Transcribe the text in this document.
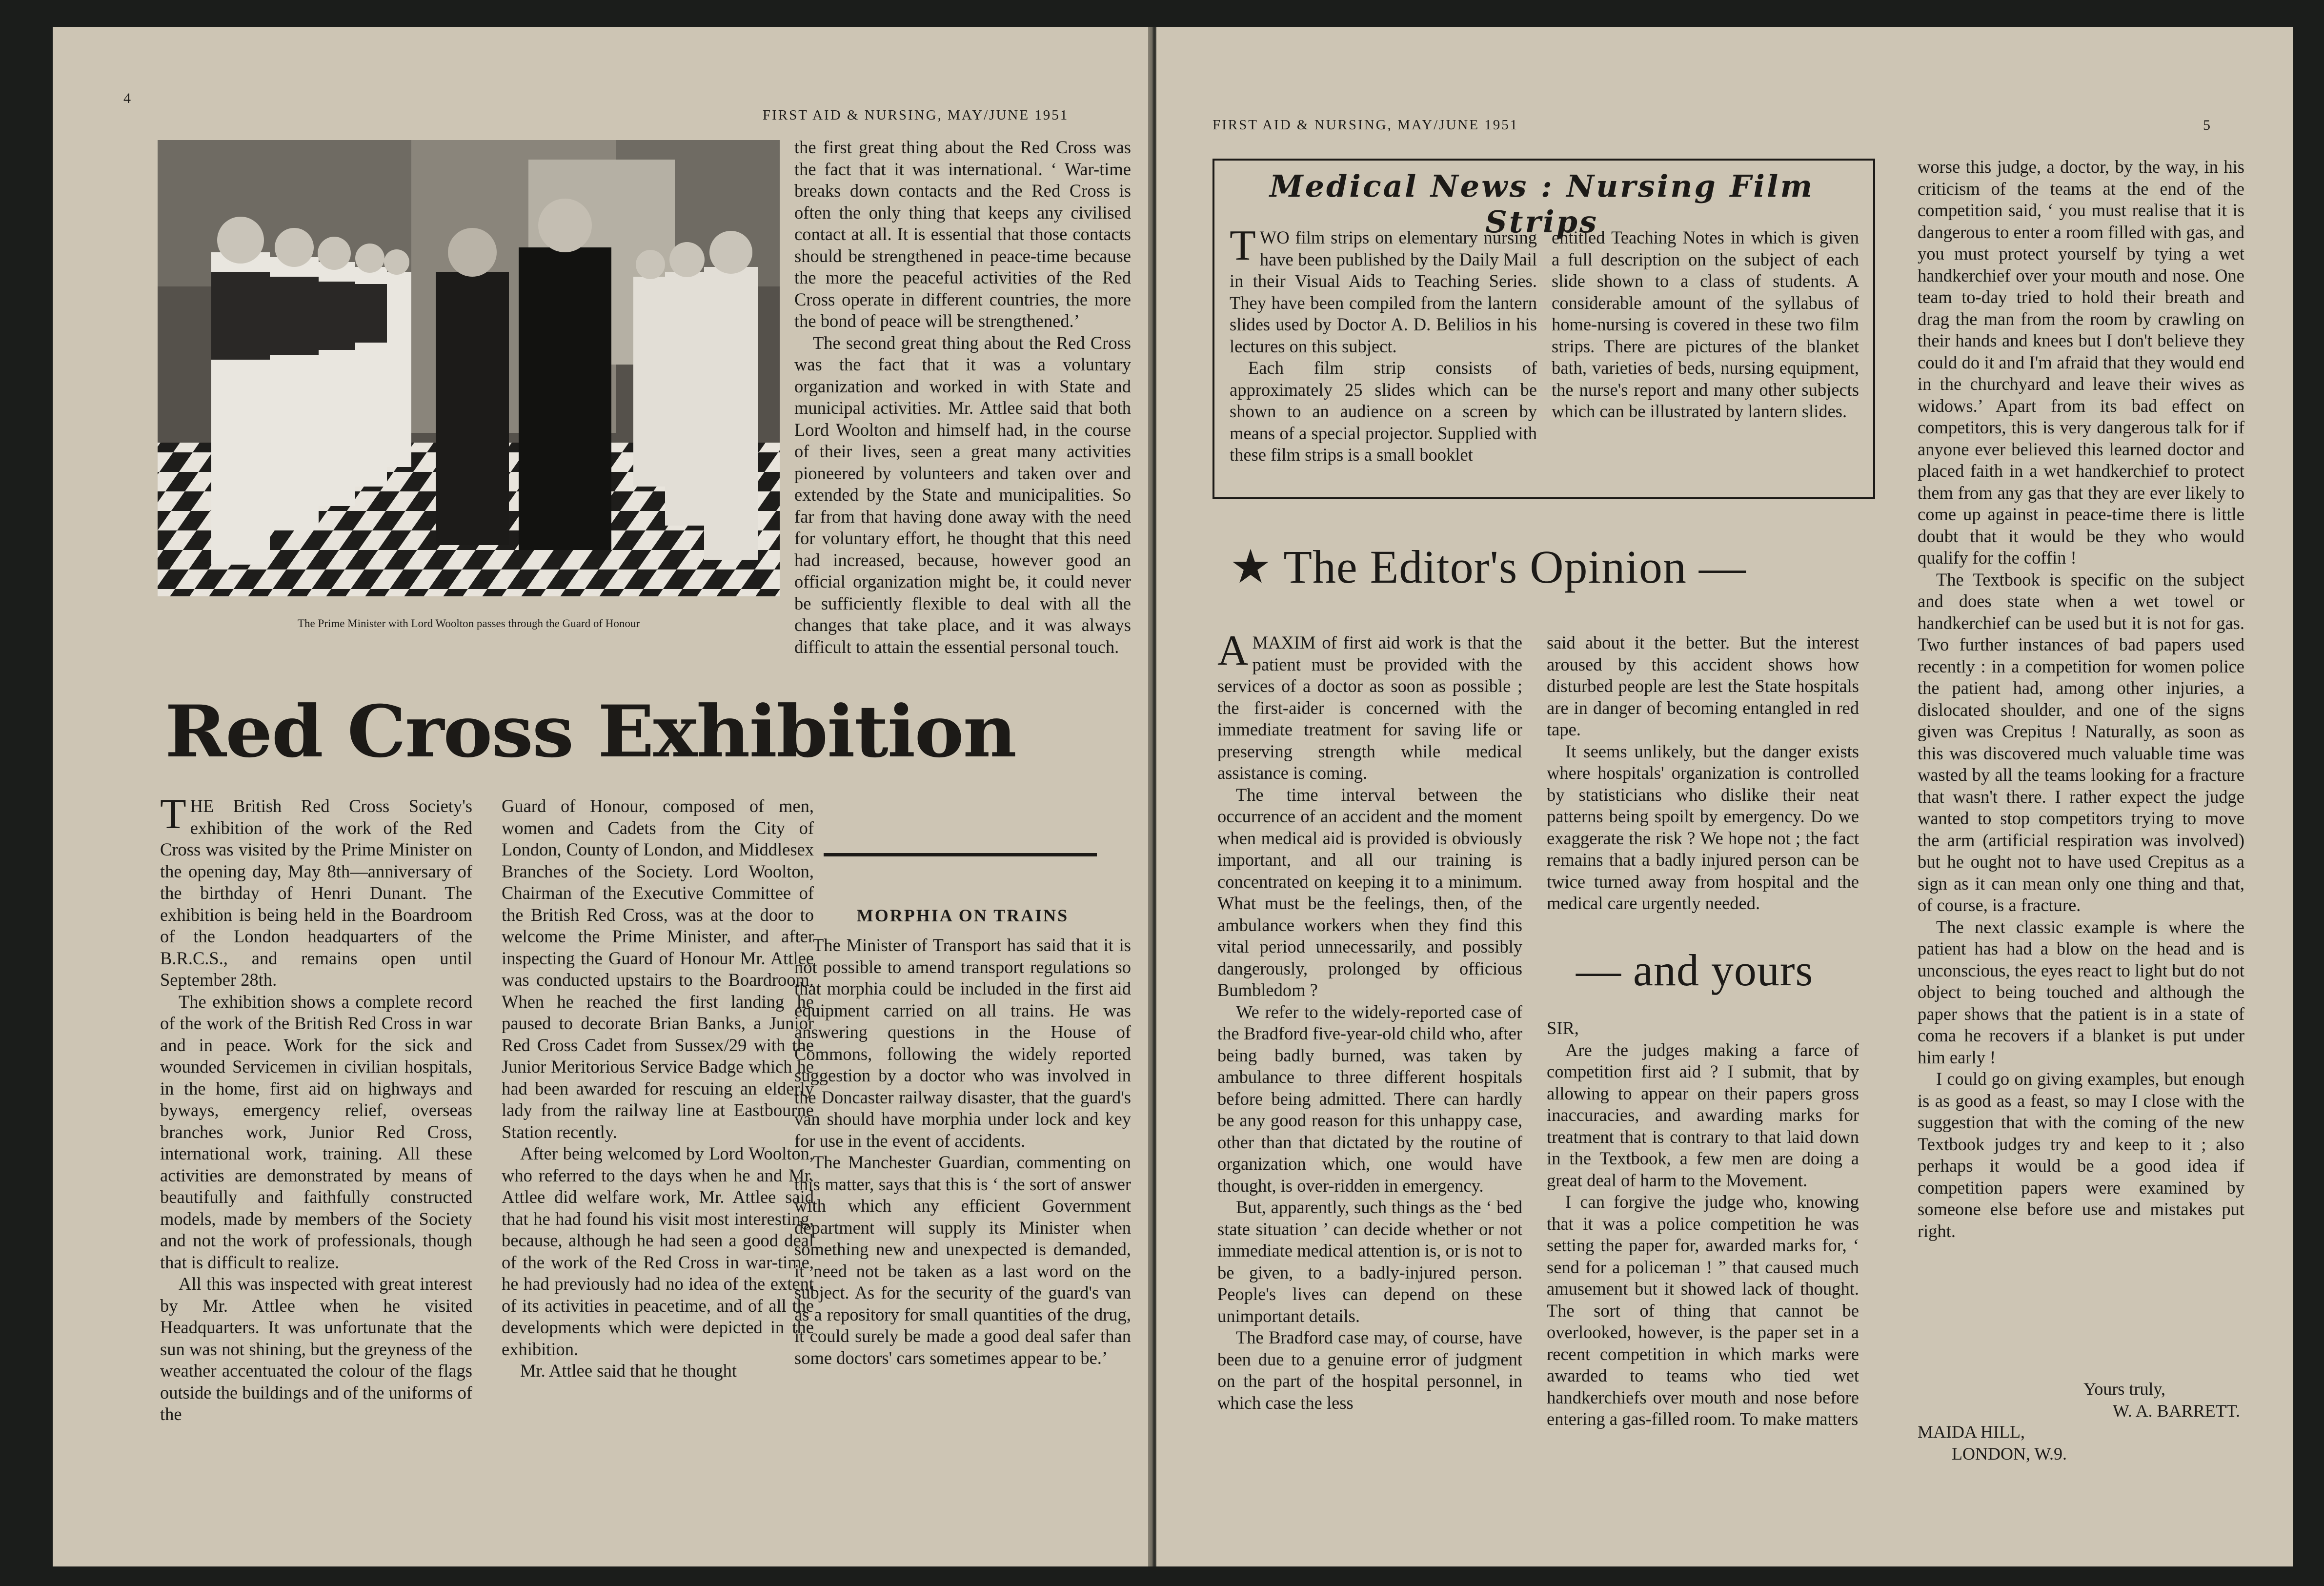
4
FIRST AID & NURSING, MAY/JUNE 1951
The Prime Minister with Lord Woolton passes through the Guard of Honour
Red Cross Exhibition

THE British Red Cross Society's exhibition of the work of the Red Cross was visited by the Prime Minister on the opening day, May 8th—anniversary of the birthday of Henri Dunant. The exhibition is being held in the Boardroom of the London headquarters of the B.R.C.S., and remains open until September 28th.

The exhibition shows a complete record of the work of the British Red Cross in war and in peace. Work for the sick and wounded Servicemen in civilian hospitals, in the home, first aid on highways and byways, emergency relief, overseas branches work, Junior Red Cross, international work, training. All these activities are demonstrated by means of beautifully and faithfully constructed models, made by members of the Society and not the work of professionals, though that is difficult to realize.

All this was inspected with great interest by Mr. Attlee when he visited Headquarters. It was unfortunate that the sun was not shining, but the greyness of the weather accentuated the colour of the flags outside the buildings and of the uniforms of the

Guard of Honour, composed of men, women and Cadets from the City of London, County of London, and Middlesex Branches of the Society. Lord Woolton, Chairman of the Executive Committee of the British Red Cross, was at the door to welcome the Prime Minister, and after inspecting the Guard of Honour Mr. Attlee was conducted upstairs to the Boardroom. When he reached the first landing he paused to decorate Brian Banks, a Junior Red Cross Cadet from Sussex/29 with the Junior Meritorious Service Badge which he had been awarded for rescuing an elderly lady from the railway line at Eastbourne Station recently.

After being welcomed by Lord Woolton, who referred to the days when he and Mr. Attlee did welfare work, Mr. Attlee said that he had found his visit most interesting, because, although he had seen a good deal of the work of the Red Cross in war-time, he had previously had no idea of the extent of its activities in peacetime, and of all the developments which were depicted in the exhibition.

Mr. Attlee said that he thought

the first great thing about the Red Cross was the fact that it was international. ‘ War-time breaks down contacts and the Red Cross is often the only thing that keeps any civilised contact at all. It is essential that those contacts should be strengthened in peace-time because the more the peaceful activities of the Red Cross operate in different countries, the more the bond of peace will be strengthened.’

The second great thing about the Red Cross was the fact that it was a voluntary organization and worked in with State and municipal activities. Mr. Attlee said that both Lord Woolton and himself had, in the course of their lives, seen a great many activities pioneered by volunteers and taken over and extended by the State and municipalities. So far from that having done away with the need for voluntary effort, he thought that this need had increased, because, however good an official organization might be, it could never be sufficiently flexible to deal with all the changes that take place, and it was always difficult to attain the essential personal touch.

MORPHIA ON TRAINS

The Minister of Transport has said that it is not possible to amend transport regulations so that morphia could be included in the first aid equipment carried on all trains. He was answering questions in the House of Commons, following the widely reported suggestion by a doctor who was involved in the Doncaster railway disaster, that the guard's van should have morphia under lock and key for use in the event of accidents.

The Manchester Guardian, commenting on this matter, says that this is ‘ the sort of answer with which any efficient Government department will supply its Minister when something new and unexpected is demanded, it need not be taken as a last word on the subject. As for the security of the guard's van as a repository for small quantities of the drug, it could surely be made a good deal safer than some doctors' cars sometimes appear to be.’

FIRST AID & NURSING, MAY/JUNE 1951	5
Medical News : Nursing Film Strips

TWO film strips on elementary nursing have been published by the Daily Mail in their Visual Aids to Teaching Series. They have been compiled from the lantern slides used by Doctor A. D. Belilios in his lectures on this subject.

Each film strip consists of approximately 25 slides which can be shown to an audience on a screen by means of a special projector. Supplied with these film strips is a small booklet

entitled Teaching Notes in which is given a full description on the subject of each slide shown to a class of students. A considerable amount of the syllabus of home-nursing is covered in these two film strips. There are pictures of the blanket bath, varieties of beds, nursing equipment, the nurse's report and many other subjects which can be illustrated by lantern slides.

★ The Editor's Opinion —

AMAXIM of first aid work is that the patient must be provided with the services of a doctor as soon as possible ; the first-aider is concerned with the immediate treatment for saving life or preserving strength while medical assistance is coming.

The time interval between the occurrence of an accident and the moment when medical aid is provided is obviously important, and all our training is concentrated on keeping it to a minimum. What must be the feelings, then, of the ambulance workers when they find this vital period unnecessarily, and possibly dangerously, prolonged by officious Bumbledom ?

We refer to the widely-reported case of the Bradford five-year-old child who, after being badly burned, was taken by ambulance to three different hospitals before being admitted. There can hardly be any good reason for this unhappy case, other than that dictated by the routine of organization which, one would have thought, is over-ridden in emergency.

But, apparently, such things as the ‘ bed state situation ’ can decide whether or not immediate medical attention is, or is not to be given, to a badly-injured person. People's lives can depend on these unimportant details.

The Bradford case may, of course, have been due to a genuine error of judgment on the part of the hospital personnel, in which case the less

said about it the better. But the interest aroused by this accident shows how disturbed people are lest the State hospitals are in danger of becoming entangled in red tape.

It seems unlikely, but the danger exists where hospitals' organization is controlled by statisticians who dislike their neat patterns being spoilt by emergency. Do we exaggerate the risk ? We hope not ; the fact remains that a badly injured person can be twice turned away from hospital and the medical care urgently needed.

— and yours

SIR,

Are the judges making a farce of competition first aid ? I submit, that by allowing to appear on their papers gross inaccuracies, and awarding marks for treatment that is contrary to that laid down in the Textbook, a few men are doing a great deal of harm to the Movement.

I can forgive the judge who, knowing that it was a police competition he was setting the paper for, awarded marks for, ‘ send for a policeman ! ” that caused much amusement but it showed lack of thought. The sort of thing that cannot be overlooked, however, is the paper set in a recent competition in which marks were awarded to teams who tied wet handkerchiefs over mouth and nose before entering a gas-filled room. To make matters

worse this judge, a doctor, by the way, in his criticism of the teams at the end of the competition said, ‘ you must realise that it is dangerous to enter a room filled with gas, and you must protect yourself by tying a wet handkerchief over your mouth and nose. One team to-day tried to hold their breath and drag the man from the room by crawling on their hands and knees but I don't believe they could do it and I'm afraid that they would end in the churchyard and leave their wives as widows.’ Apart from its bad effect on competitors, this is very dangerous talk for if anyone ever believed this learned doctor and placed faith in a wet handkerchief to protect them from any gas that they are ever likely to come up against in peace-time there is little doubt that it would be they who would qualify for the coffin !

The Textbook is specific on the subject and does state when a wet towel or handkerchief can be used but it is not for gas. Two further instances of bad papers used recently : in a competition for women police the patient had, among other injuries, a dislocated shoulder, and one of the signs given was Crepitus ! Naturally, as soon as this was discovered much valuable time was wasted by all the teams looking for a fracture that wasn't there. I rather expect the judge wanted to stop competitors trying to move the arm (artificial respiration was involved) but he ought not to have used Crepitus as a sign as it can mean only one thing and that, of course, is a fracture.

The next classic example is where the patient has had a blow on the head and is unconscious, the eyes react to light but do not object to being touched and although the paper shows that the patient is in a state of coma he recovers if a blanket is put under him early !

I could go on giving examples, but enough is as good as a feast, so may I close with the suggestion that with the coming of the new Textbook judges try and keep to it ; also perhaps it would be a good idea if competition papers were examined by someone else before use and mistakes put right.

Yours truly,
W. A. BARRETT.
MAIDA HILL,
LONDON, W.9.
